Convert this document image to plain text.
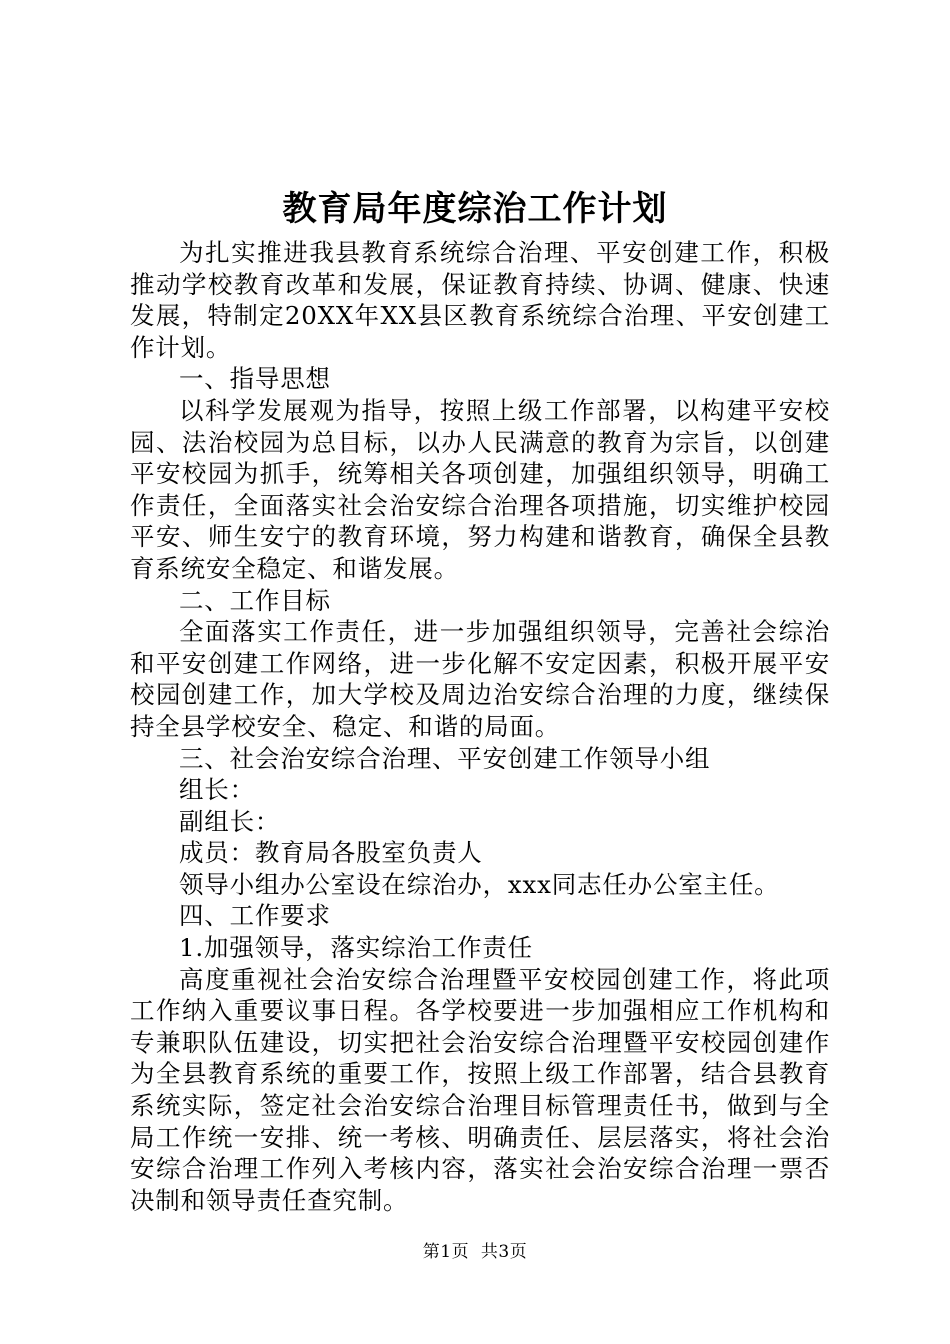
教育局年度综治工作计划

为扎实推进我县教育系统综合治理、平安创建工作，积极推动学校教育改革和发展，保证教育持续、协调、健康、快速发展，特制定20XX年XX县区教育系统综合治理、平安创建工作计划。

一、指导思想

以科学发展观为指导，按照上级工作部署，以构建平安校园、法治校园为总目标，以办人民满意的教育为宗旨，以创建平安校园为抓手，统筹相关各项创建，加强组织领导，明确工作责任，全面落实社会治安综合治理各项措施，切实维护校园平安、师生安宁的教育环境，努力构建和谐教育，确保全县教育系统安全稳定、和谐发展。

二、工作目标

全面落实工作责任，进一步加强组织领导，完善社会综治和平安创建工作网络，进一步化解不安定因素，积极开展平安校园创建工作，加大学校及周边治安综合治理的力度，继续保持全县学校安全、稳定、和谐的局面。

三、社会治安综合治理、平安创建工作领导小组

组长：

副组长：

成员：教育局各股室负责人

领导小组办公室设在综治办，xxx同志任办公室主任。

四、工作要求

1.加强领导，落实综治工作责任

高度重视社会治安综合治理暨平安校园创建工作，将此项工作纳入重要议事日程。各学校要进一步加强相应工作机构和专兼职队伍建设，切实把社会治安综合治理暨平安校园创建作为全县教育系统的重要工作，按照上级工作部署，结合县教育系统实际，签定社会治安综合治理目标管理责任书，做到与全局工作统一安排、统一考核、明确责任、层层落实，将社会治安综合治理工作列入考核内容，落实社会治安综合治理一票否决制和领导责任查究制。

第1页 共3页
